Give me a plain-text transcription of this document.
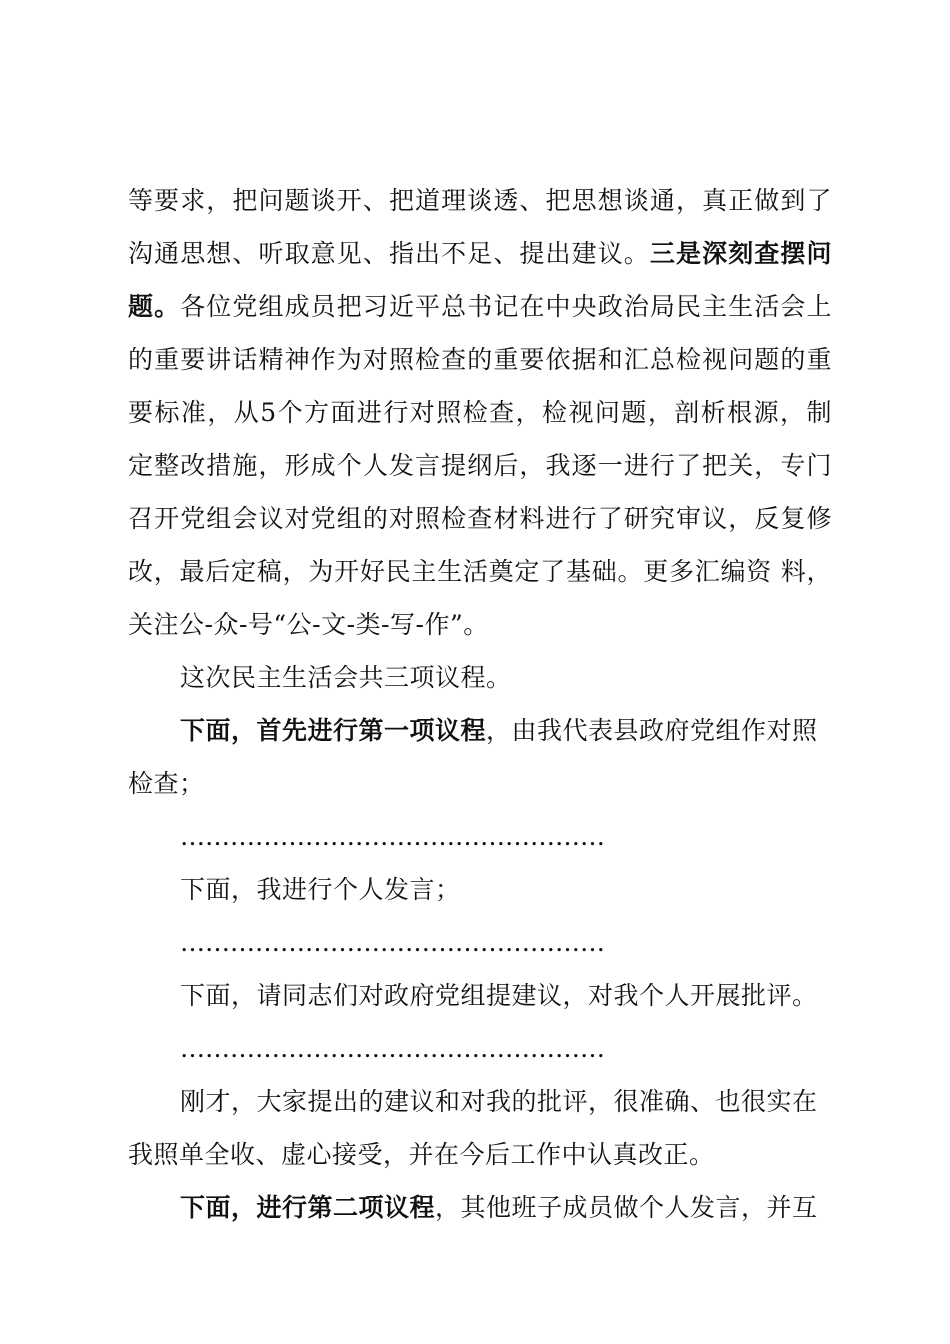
等要求，把问题谈开、把道理谈透、把思想谈通，真正做到了沟通思想、听取意见、指出不足、提出建议。三是深刻查摆问题。各位党组成员把习近平总书记在中央政治局民主生活会上的重要讲话精神作为对照检查的重要依据和汇总检视问题的重要标准，从5个方面进行对照检查，检视问题，剖析根源，制定整改措施，形成个人发言提纲后，我逐一进行了把关，专门召开党组会议对党组的对照检查材料进行了研究审议，反复修改，最后定稿，为开好民主生活奠定了基础。更多汇编资 料，关注公-众-号“公-文-类-写-作”。

这次民主生活会共三项议程。

下面，首先进行第一项议程，由我代表县政府党组作对照检查；

……………………………………………

下面，我进行个人发言；

……………………………………………

下面，请同志们对政府党组提建议，对我个人开展批评。

……………………………………………

刚才，大家提出的建议和对我的批评，很准确、也很实在我照单全收、虚心接受，并在今后工作中认真改正。

下面，进行第二项议程，其他班子成员做个人发言，并互
